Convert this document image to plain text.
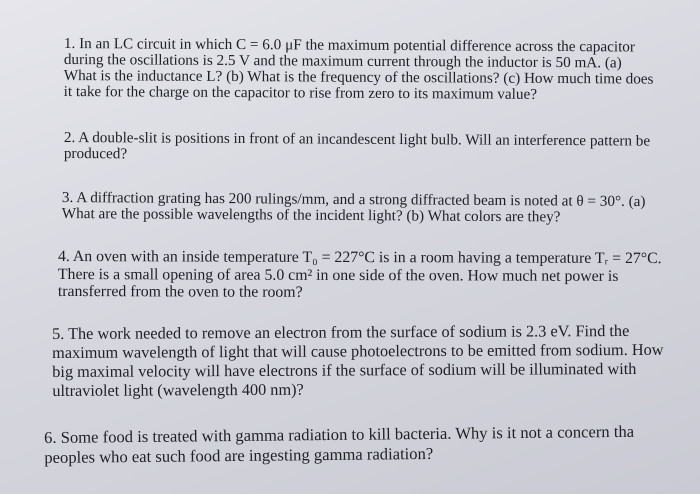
1. In an LC circuit in which C = 6.0 μF the maximum potential difference across the capacitor
during the oscillations is 2.5 V and the maximum current through the inductor is 50 mA. (a)
What is the inductance L? (b) What is the frequency of the oscillations? (c) How much time does
it take for the charge on the capacitor to rise from zero to its maximum value?

2. A double-slit is positions in front of an incandescent light bulb. Will an interference pattern be
produced?

3. A diffraction grating has 200 rulings/mm, and a strong diffracted beam is noted at θ = 30°. (a)
What are the possible wavelengths of the incident light? (b) What colors are they?

4. An oven with an inside temperature T₀ = 227°C is in a room having a temperature Tᵣ = 27°C.
There is a small opening of area 5.0 cm² in one side of the oven. How much net power is
transferred from the oven to the room?

5. The work needed to remove an electron from the surface of sodium is 2.3 eV. Find the
maximum wavelength of light that will cause photoelectrons to be emitted from sodium. How
big maximal velocity will have electrons if the surface of sodium will be illuminated with
ultraviolet light (wavelength 400 nm)?

6. Some food is treated with gamma radiation to kill bacteria. Why is it not a concern tha
peoples who eat such food are ingesting gamma radiation?
